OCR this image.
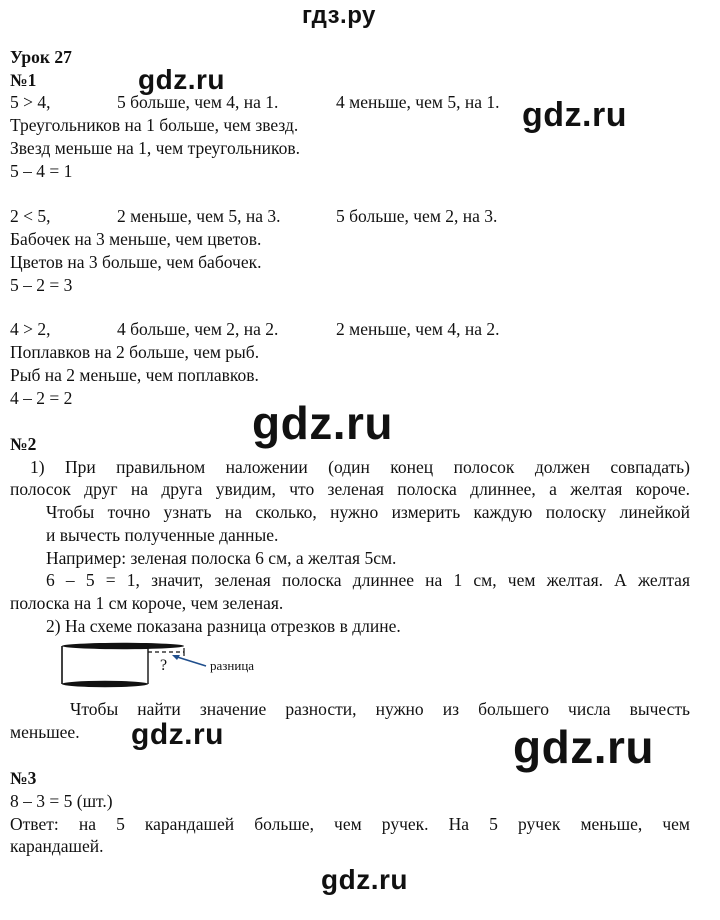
гдз.ру
gdz.ru
gdz.ru
gdz.ru
gdz.ru	gdz.ru
gdz.ru
Урок 27
№1
5 > 4,	5 больше, чем 4, на 1.	4 меньше, чем 5, на 1.
Треугольников на 1 больше, чем звезд.
Звезд меньше на 1, чем треугольников.
5 – 4 = 1
2 < 5,	2 меньше, чем 5, на 3.	5 больше, чем 2, на 3.
Бабочек на 3 меньше, чем цветов.
Цветов на 3 больше, чем бабочек.
5 – 2 = 3
4 > 2,	4 больше, чем 2, на 2.	2 меньше, чем 4, на 2.
Поплавков на 2 больше, чем рыб.
Рыб на 2 меньше, чем поплавков.
4 – 2 = 2
№2
1) При правильном наложении (один конец полосок должен совпадать)
полосок друг на друга увидим, что зеленая полоска длиннее, а желтая короче.
Чтобы точно узнать на сколько, нужно измерить каждую полоску линейкой
и вычесть полученные данные.
Например: зеленая полоска 6 см, а желтая 5см.
6 – 5 = 1, значит, зеленая полоска длиннее на 1 см, чем желтая. А желтая
полоска на 1 см короче, чем зеленая.
2) На схеме показана разница отрезков в длине.
?	разница
Чтобы найти значение разности, нужно из большего числа вычесть
меньшее.
№3
8 – 3 = 5 (шт.)
Ответ: на 5 карандашей больше, чем ручек. На 5 ручек меньше, чем
карандашей.
